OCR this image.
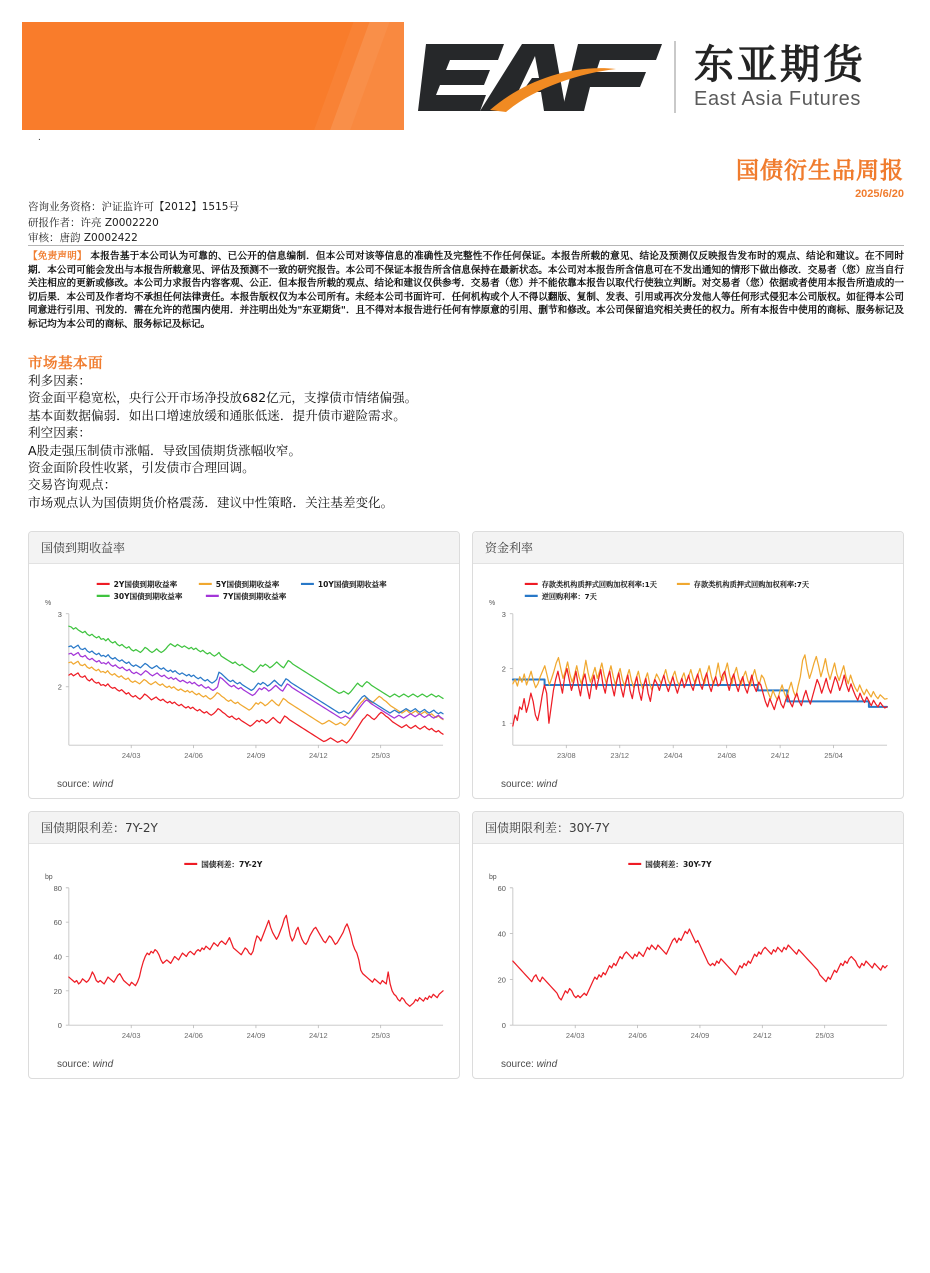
东亚期货
East Asia Futures
.
国债衍生品周报
2025/6/20
咨询业务资格：沪证监许可【2012】1515号
研报作者：许亮 Z0002220
审核：唐韵 Z0002422
【免责声明】 本报告基于本公司认为可靠的、已公开的信息编制．但本公司对该等信息的准确性及完整性不作任何保证。本报告所载的意见、结论及预测仅反映报告发布时的观点、结论和建议。在不同时期．本公司可能会发出与本报告所载意见、评估及预测不一致的研究报告。本公司不保证本报告所含信息保持在最新状态。本公司对本报告所含信息可在不发出通知的情形下做出修改．交易者（您）应当自行关注相应的更新或修改。本公司力求报告内容客观、公正．但本报告所载的观点、结论和建议仅供参考．交易者（您）并不能依靠本报告以取代行使独立判断。对交易者（您）依据或者使用本报告所造成的一切后果．本公司及作者均不承担任何法律责任。本报告版权仅为本公司所有。未经本公司书面许可．任何机构或个人不得以翻版、复制、发表、引用或再次分发他人等任何形式侵犯本公司版权。如征得本公司同意进行引用、刊发的．需在允许的范围内使用．并注明出处为"东亚期货"．且不得对本报告进行任何有悖原意的引用、删节和修改。本公司保留追究相关责任的权力。所有本报告中使用的商标、服务标记及标记均为本公司的商标、服务标记及标记。
市场基本面
利多因素：
资金面平稳宽松，央行公开市场净投放682亿元，支撑债市情绪偏强。
基本面数据偏弱．如出口增速放缓和通胀低迷．提升债市避险需求。
利空因素：
A股走强压制债市涨幅．导致国债期货涨幅收窄。
资金面阶段性收紧，引发债市合理回调。
交易咨询观点：
市场观点认为国债期货价格震荡．建议中性策略．关注基差变化。
国债到期收益率
2Y国债到期收益率	5Y国债到期收益率	10Y国债到期收益率
30Y国债到期收益率	7Y国债到期收益率
%
2
3
24/03	24/06	24/09	24/12	25/03
source: wind
资金利率
存款类机构质押式回购加权利率:1天	存款类机构质押式回购加权利率:7天
逆回购利率：7天
%
1
2
3
23/08	23/12	24/04	24/08	24/12	25/04
source: wind
国债期限利差：7Y-2Y
国债利差：7Y-2Y
bp
0
20
40
60
80
24/03	24/06	24/09	24/12	25/03
source: wind
国债期限利差：30Y-7Y
国债利差：30Y-7Y
bp
0
20
40
60
24/03	24/06	24/09	24/12	25/03
source: wind
